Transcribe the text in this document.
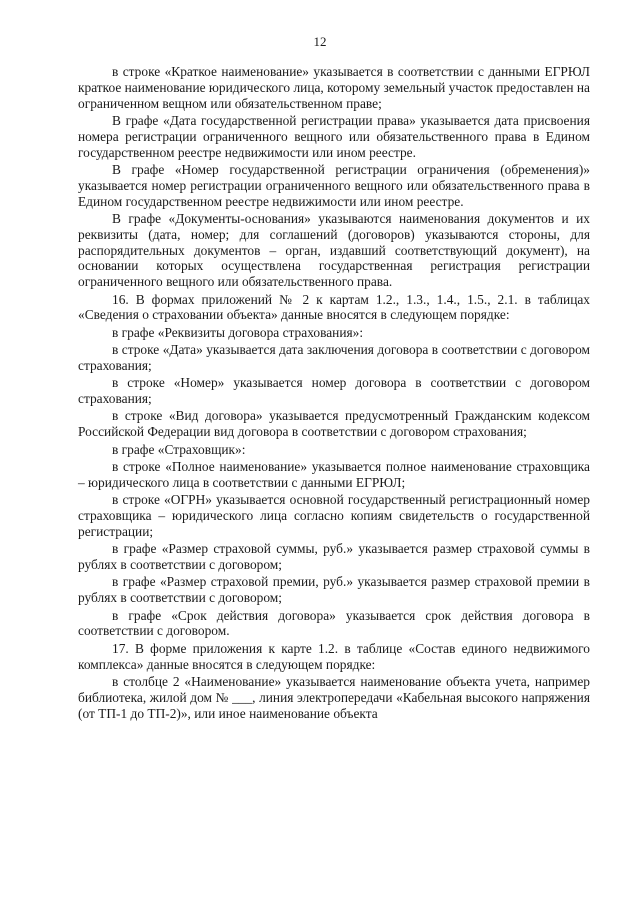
12

в строке «Краткое наименование» указывается в соответствии с данными ЕГРЮЛ краткое наименование юридического лица, которому земельный участок предоставлен на ограниченном вещном или обязательственном праве;

В графе «Дата государственной регистрации права» указывается дата присвоения номера регистрации ограниченного вещного или обязательственного права в Едином государственном реестре недвижимости или ином реестре.

В графе «Номер государственной регистрации ограничения (обременения)» указывается номер регистрации ограниченного вещного или обязательственного права в Едином государственном реестре недвижимости или ином реестре.

В графе «Документы-основания» указываются наименования документов и их реквизиты (дата, номер; для соглашений (договоров) указываются стороны, для распорядительных документов – орган, издавший соответствующий документ), на основании которых осуществлена государственная регистрация регистрации ограниченного вещного или обязательственного права.

16. В формах приложений № 2 к картам 1.2., 1.3., 1.4., 1.5., 2.1. в таблицах «Сведения о страховании объекта» данные вносятся в следующем порядке:

в графе «Реквизиты договора страхования»:

в строке «Дата» указывается дата заключения договора в соответствии с договором страхования;

в строке «Номер» указывается номер договора в соответствии с договором страхования;

в строке «Вид договора» указывается предусмотренный Гражданским кодексом Российской Федерации вид договора в соответствии с договором страхования;

в графе «Страховщик»:

в строке «Полное наименование» указывается полное наименование страховщика – юридического лица в соответствии с данными ЕГРЮЛ;

в строке «ОГРН» указывается основной государственный регистрационный номер страховщика – юридического лица согласно копиям свидетельств о государственной регистрации;

в графе «Размер страховой суммы, руб.» указывается размер страховой суммы в рублях в соответствии с договором;

в графе «Размер страховой премии, руб.» указывается размер страховой премии в рублях в соответствии с договором;

в графе «Срок действия договора» указывается срок действия договора в соответствии с договором.

17. В форме приложения к карте 1.2. в таблице «Состав единого недвижимого комплекса» данные вносятся в следующем порядке:

в столбце 2 «Наименование» указывается наименование объекта учета, например библиотека, жилой дом № ___, линия электропередачи «Кабельная высокого напряжения (от ТП-1 до ТП-2)», или иное наименование объекта
